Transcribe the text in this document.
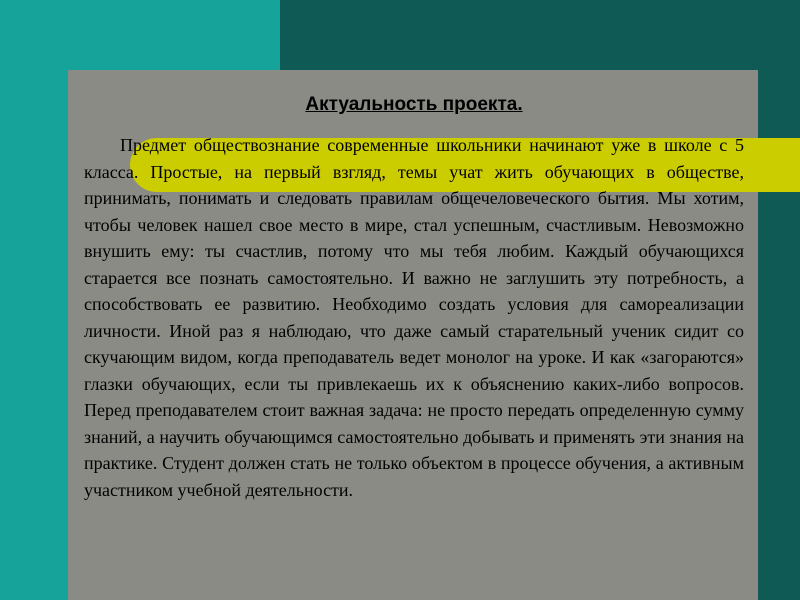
Актуальность проекта.

Предмет обществознание современные школьники начинают уже в школе с 5 класса. Простые, на первый взгляд, темы учат жить обучающих в обществе, принимать, понимать и следовать правилам общечеловеческого бытия. Мы хотим, чтобы человек нашел свое место в мире, стал успешным, счастливым. Невозможно внушить ему: ты счастлив, потому что мы тебя любим. Каждый обучающихся старается все познать самостоятельно. И важно не заглушить эту потребность, а способствовать ее развитию. Необходимо создать условия для самореализации личности. Иной раз я наблюдаю, что даже самый старательный ученик сидит со скучающим видом, когда преподаватель ведет монолог на уроке. И как «загораются» глазки обучающих, если ты привлекаешь их к объяснению каких-либо вопросов. Перед преподавателем стоит важная задача: не просто передать определенную сумму знаний, а научить обучающимся самостоятельно добывать и применять эти знания на практике. Студент должен стать не только объектом в процессе обучения, а активным участником учебной деятельности.
